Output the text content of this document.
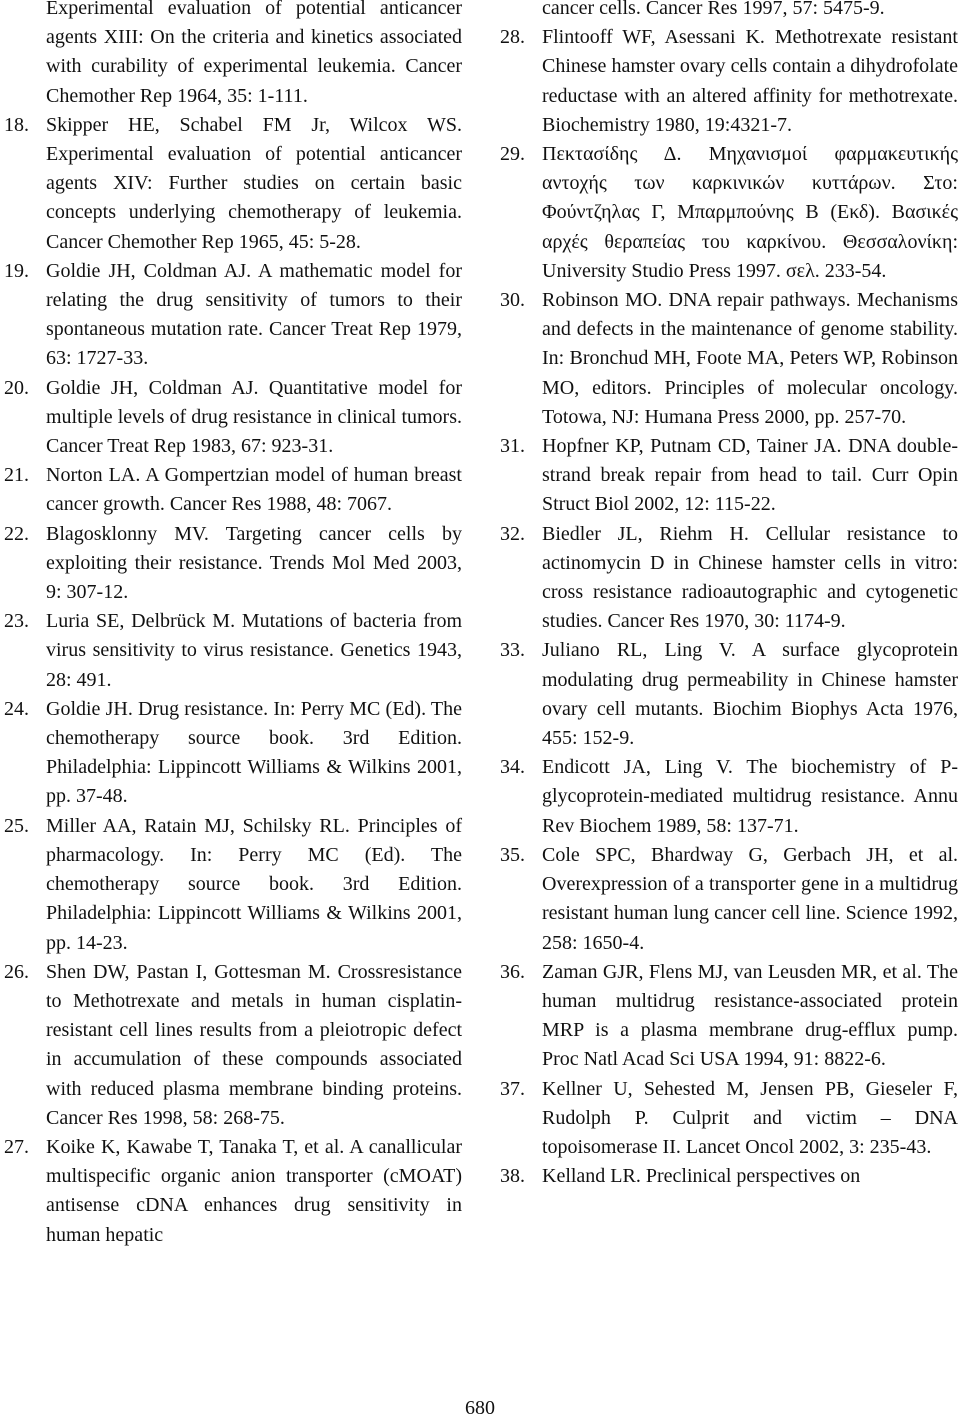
Experimental evaluation of potential anticancer agents XIII: On the criteria and kinetics associated with curability of experimental leukemia. Cancer Chemother Rep 1964, 35: 1-111.

18. Skipper HE, Schabel FM Jr, Wilcox WS. Experimental evaluation of potential anticancer agents XIV: Further studies on certain basic concepts underlying chemotherapy of leukemia. Cancer Chemother Rep 1965, 45: 5-28.
19. Goldie JH, Coldman AJ. A mathematic model for relating the drug sensitivity of tumors to their spontaneous mutation rate. Cancer Treat Rep 1979, 63: 1727-33.
20. Goldie JH, Coldman AJ. Quantitative model for multiple levels of drug resistance in clinical tumors. Cancer Treat Rep 1983, 67: 923-31.
21. Norton LA. A Gompertzian model of human breast cancer growth. Cancer Res 1988, 48: 7067.
22. Blagosklonny MV. Targeting cancer cells by exploiting their resistance. Trends Mol Med 2003, 9: 307-12.
23. Luria SE, Delbrück M. Mutations of bacteria from virus sensitivity to virus resistance. Genetics 1943, 28: 491.
24. Goldie JH. Drug resistance. In: Perry MC (Ed). The chemotherapy source book. 3rd Edition. Philadelphia: Lippincott Williams & Wilkins 2001, pp. 37-48.
25. Miller AA, Ratain MJ, Schilsky RL. Principles of pharmacology. In: Perry MC (Ed). The chemotherapy source book. 3rd Edition. Philadelphia: Lippincott Williams & Wilkins 2001, pp. 14-23.
26. Shen DW, Pastan I, Gottesman M. Crossresistance to Methotrexate and metals in human cisplatin-resistant cell lines results from a pleiotropic defect in accumulation of these compounds associated with reduced plasma membrane binding proteins. Cancer Res 1998, 58: 268-75.
27. Koike K, Kawabe T, Tanaka T, et al. A canallicular multispecific organic anion transporter (cMOAT) antisense cDNA enhances drug sensitivity in human hepatic

cancer cells. Cancer Res 1997, 57: 5475-9.

28. Flintooff WF, Asessani K. Methotrexate resistant Chinese hamster ovary cells contain a dihydrofolate reductase with an altered affinity for methotrexate. Biochemistry 1980, 19:4321-7.
29. Πεκτασίδης Δ. Μηχανισμοί φαρμακευτικής αντοχής των καρκινικών κυττάρων. Στο: Φούντζηλας Γ, Μπαρμπούνης Β (Εκδ). Βασικές αρχές θεραπείας του καρκίνου. Θεσσαλονίκη: University Studio Press 1997. σελ. 233-54.
30. Robinson MO. DNA repair pathways. Mechanisms and defects in the maintenance of genome stability. In: Bronchud MH, Foote MA, Peters WP, Robinson MO, editors. Principles of molecular oncology. Totowa, NJ: Humana Press 2000, pp. 257-70.
31. Hopfner KP, Putnam CD, Tainer JA. DNA double-strand break repair from head to tail. Curr Opin Struct Biol 2002, 12: 115-22.
32. Biedler JL, Riehm H. Cellular resistance to actinomycin D in Chinese hamster cells in vitro: cross resistance radioautographic and cytogenetic studies. Cancer Res 1970, 30: 1174-9.
33. Juliano RL, Ling V. A surface glycoprotein modulating drug permeability in Chinese hamster ovary cell mutants. Biochim Biophys Acta 1976, 455: 152-9.
34. Endicott JA, Ling V. The biochemistry of P-glycoprotein-mediated multidrug resistance. Annu Rev Biochem 1989, 58: 137-71.
35. Cole SPC, Bhardway G, Gerbach JH, et al. Overexpression of a transporter gene in a multidrug resistant human lung cancer cell line. Science 1992, 258: 1650-4.
36. Zaman GJR, Flens MJ, van Leusden MR, et al. The human multidrug resistance-associated protein MRP is a plasma membrane drug-efflux pump. Proc Natl Acad Sci USA 1994, 91: 8822-6.
37. Kellner U, Sehested M, Jensen PB, Gieseler F, Rudolph P. Culprit and victim – DNA topoisomerase II. Lancet Oncol 2002, 3: 235-43.
38. Kelland LR. Preclinical perspectives on
680
